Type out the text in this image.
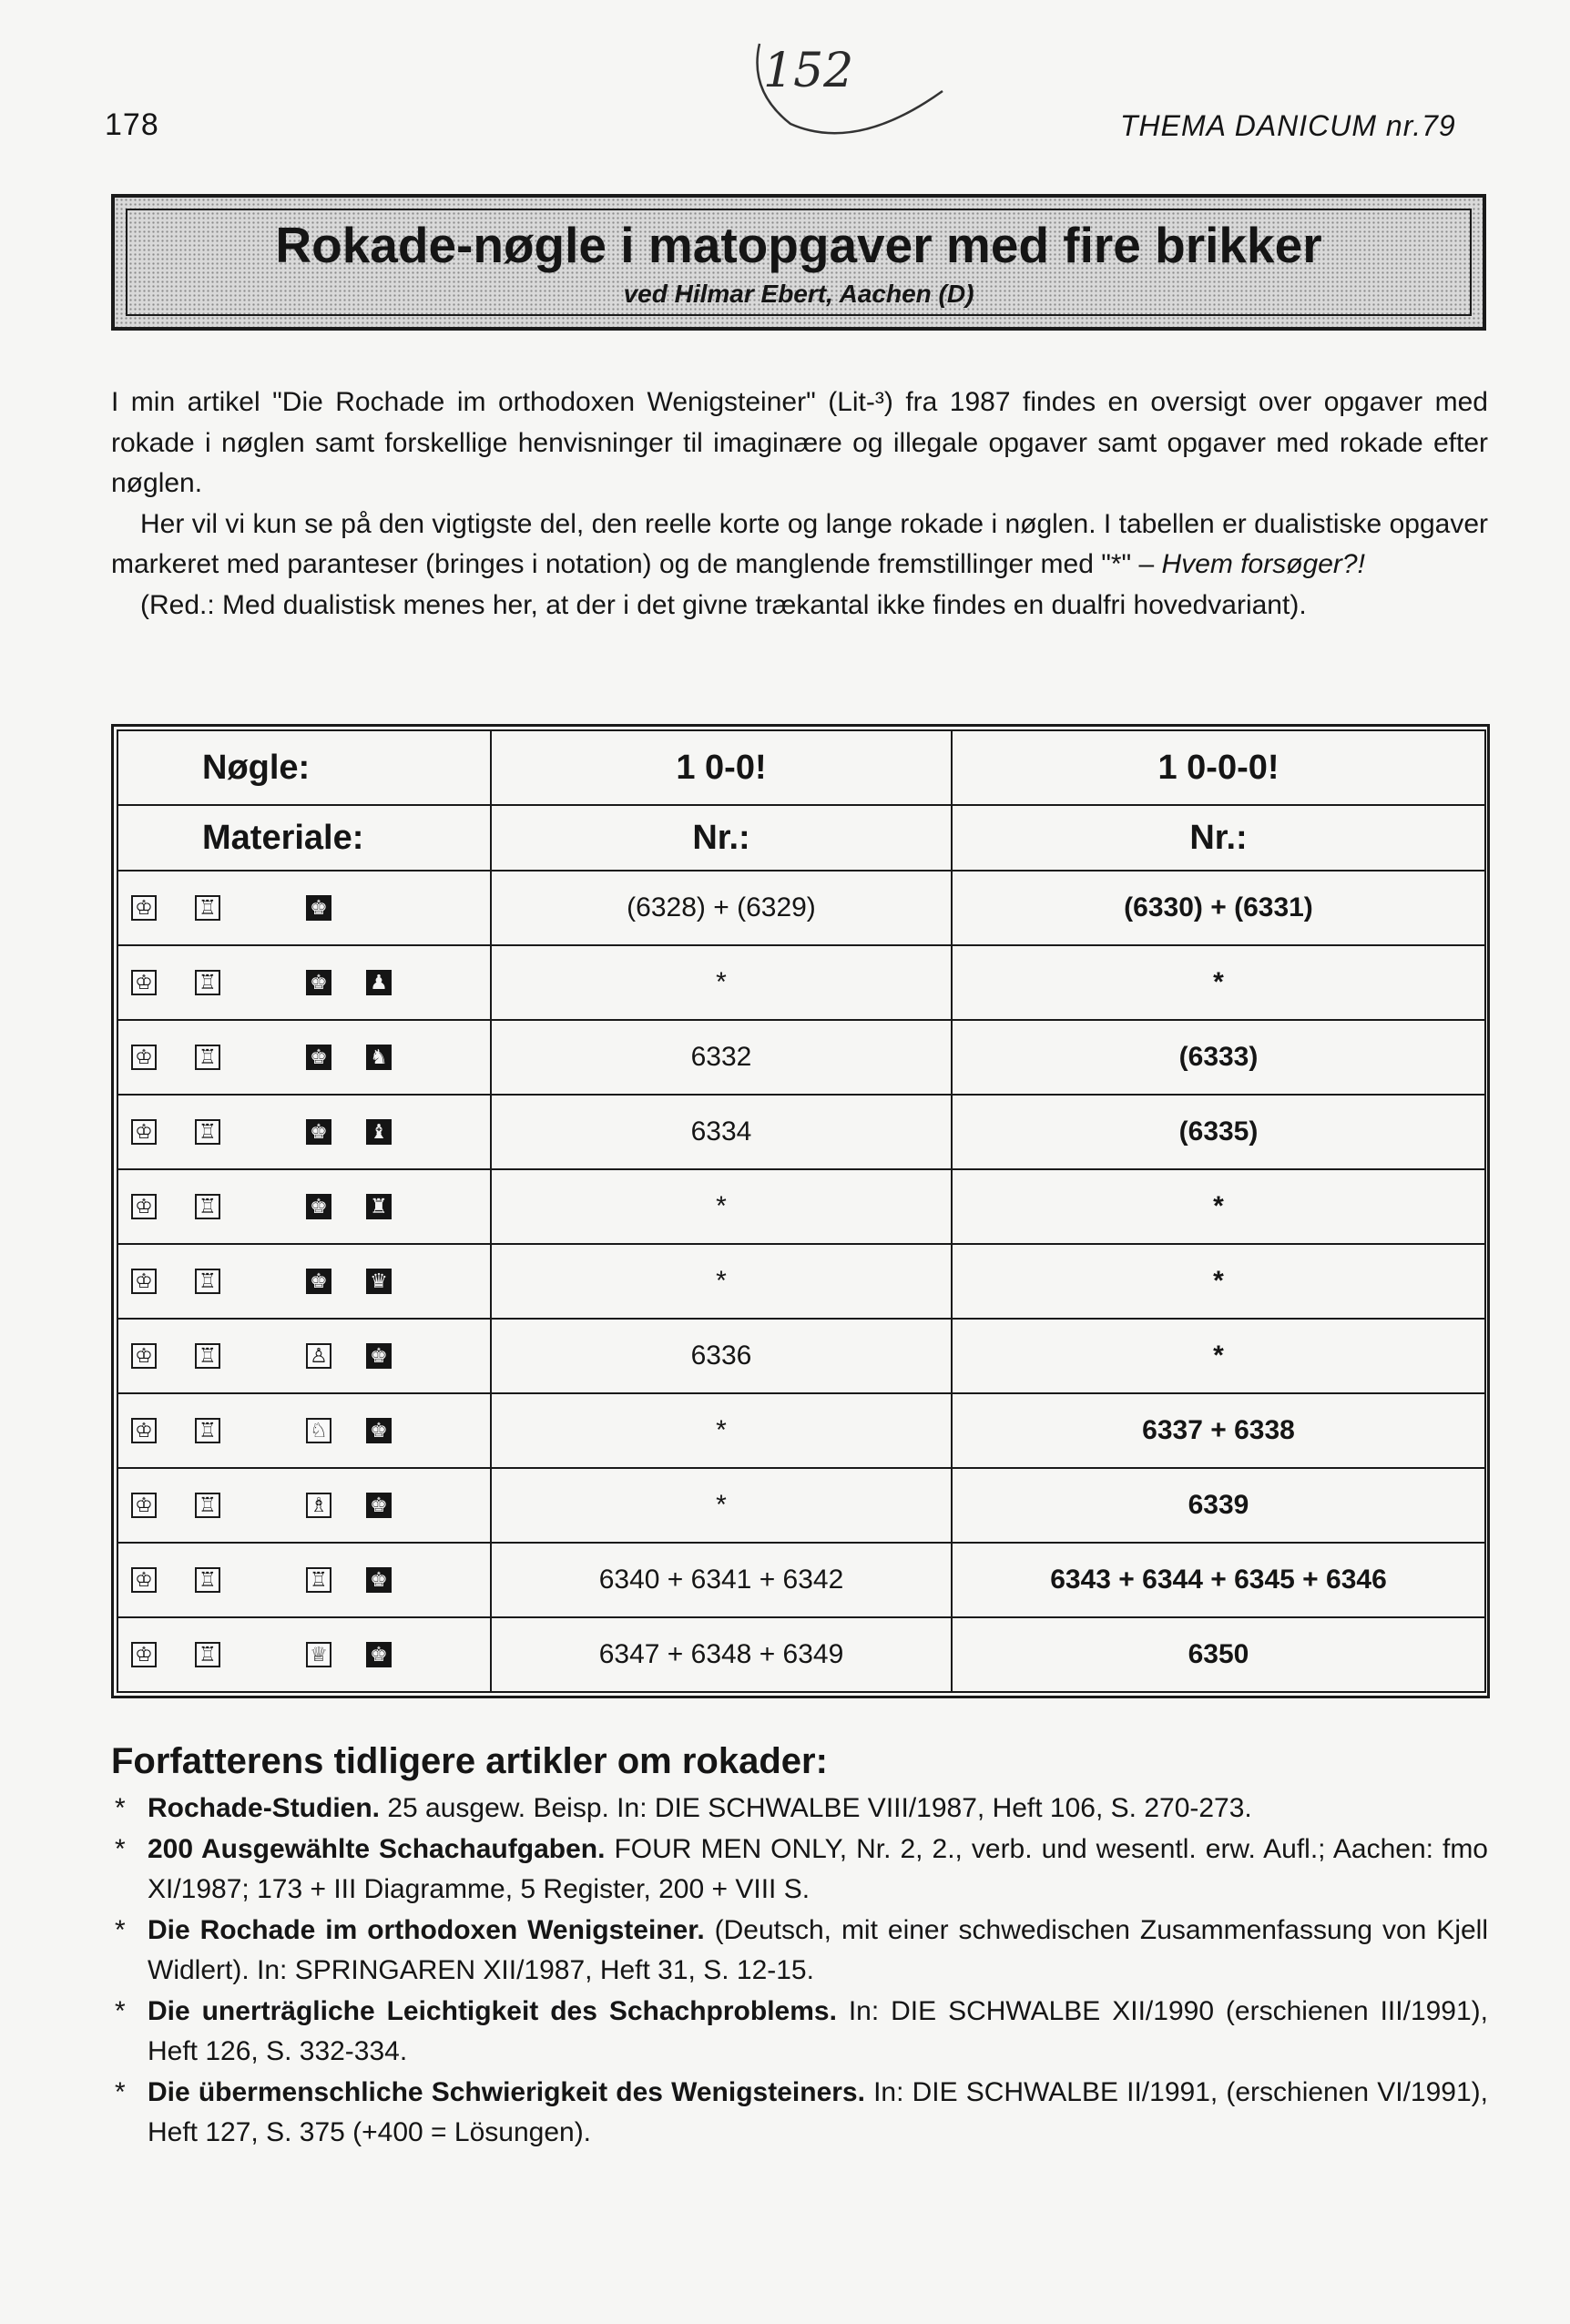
178
152
THEMA DANICUM nr.79
Rokade-nøgle i matopgaver med fire brikker
ved Hilmar Ebert, Aachen (D)

I min artikel "Die Rochade im orthodoxen Wenigsteiner" (Lit-³) fra 1987 findes en oversigt over opgaver med rokade i nøglen samt forskellige henvisninger til imaginære og illegale opgaver samt opgaver med rokade efter nøglen.

Her vil vi kun se på den vigtigste del, den reelle korte og lange rokade i nøglen. I tabellen er dualistiske opgaver markeret med paranteser (bringes i notation) og de manglende fremstillinger med "*" – Hvem forsøger?!

(Red.: Med dualistisk menes her, at der i det givne trækantal ikke findes en dualfri hovedvariant).

Nøgle:	1 0-0!	1 0-0-0!
Materiale:	Nr.:	Nr.:

♔ ♖ ♚	(6328) + (6329)	(6330) + (6331)

♔ ♖ ♚ ♟	*	*

♔ ♖ ♚ ♞	6332	(6333)

♔ ♖ ♚ ♝	6334	(6335)

♔ ♖ ♚ ♜	*	*

♔ ♖ ♚ ♛	*	*

♔ ♖ ♙ ♚	6336	*

♔ ♖ ♘ ♚	*	6337 + 6338

♔ ♖ ♗ ♚	*	6339

♔ ♖ ♖ ♚	6340 + 6341 + 6342	6343 + 6344 + 6345 + 6346

♔ ♖ ♕ ♚	6347 + 6348 + 6349	6350
Forfatterens tidligere artikler om rokader:
* Rochade-Studien. 25 ausgew. Beisp. In: DIE SCHWALBE VIII/1987, Heft 106, S. 270-273.
* 200 Ausgewählte Schachaufgaben. FOUR MEN ONLY, Nr. 2, 2., verb. und wesentl. erw. Aufl.; Aachen: fmo XI/1987; 173 + III Diagramme, 5 Register, 200 + VIII S.
* Die Rochade im orthodoxen Wenigsteiner. (Deutsch, mit einer schwedischen Zusammenfassung von Kjell Widlert). In: SPRINGAREN XII/1987, Heft 31, S. 12-15.
* Die unerträgliche Leichtigkeit des Schachproblems. In: DIE SCHWALBE XII/1990 (erschienen III/1991), Heft 126, S. 332-334.
* Die übermenschliche Schwierigkeit des Wenigsteiners. In: DIE SCHWALBE II/1991, (erschienen VI/1991), Heft 127, S. 375 (+400 = Lösungen).
